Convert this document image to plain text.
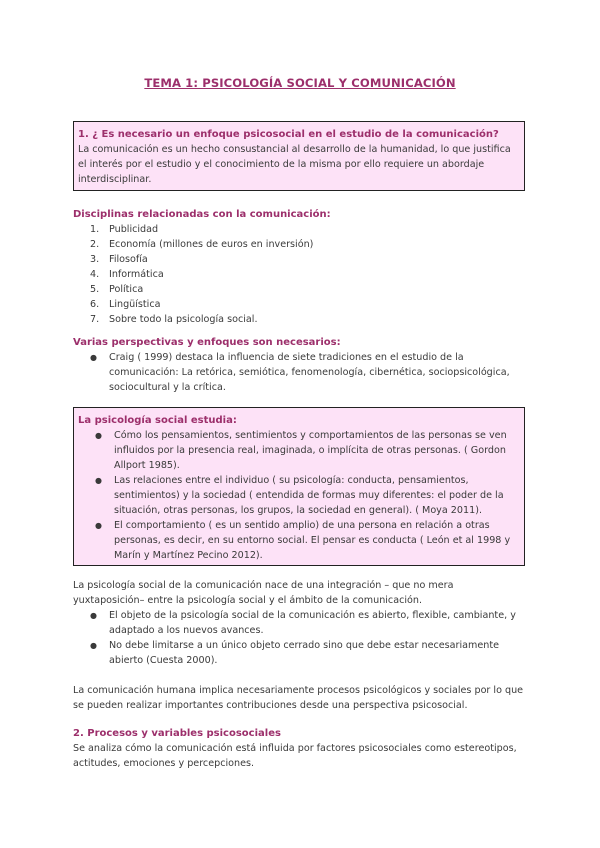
TEMA 1: PSICOLOGÍA SOCIAL Y COMUNICACIÓN

1. ¿ Es necesario un enfoque psicosocial en el estudio de la comunicación?

La comunicación es un hecho consustancial al desarrollo de la humanidad, lo que justifica el interés por el estudio y el conocimiento de la misma por ello requiere un abordaje interdisciplinar.

Disciplinas relacionadas con la comunicación:

1. Publicidad
2. Economía (millones de euros en inversión)
3. Filosofía
4. Informática
5. Política
6. Lingüística
7. Sobre todo la psicología social.

Varias perspectivas y enfoques son necesarios:

● Craig ( 1999) destaca la influencia de siete tradiciones en el estudio de la comunicación: La retórica, semiótica, fenomenología, cibernética, sociopsicológica, sociocultural y la crítica.

La psicología social estudia:

● Cómo los pensamientos, sentimientos y comportamientos de las personas se ven influidos por la presencia real, imaginada, o implícita de otras personas. ( Gordon Allport 1985).
● Las relaciones entre el individuo ( su psicología: conducta, pensamientos, sentimientos) y la sociedad ( entendida de formas muy diferentes: el poder de la situación, otras personas, los grupos, la sociedad en general). ( Moya 2011).
● El comportamiento ( es un sentido amplio) de una persona en relación a otras personas, es decir, en su entorno social. El pensar es conducta ( León et al 1998 y Marín y Martínez Pecino 2012).

La psicología social de la comunicación nace de una integración – que no mera yuxtaposición– entre la psicología social y el ámbito de la comunicación.

● El objeto de la psicología social de la comunicación es abierto, flexible, cambiante, y adaptado a los nuevos avances.
● No debe limitarse a un único objeto cerrado sino que debe estar necesariamente abierto (Cuesta 2000).

La comunicación humana implica necesariamente procesos psicológicos y sociales por lo que se pueden realizar importantes contribuciones desde una perspectiva psicosocial.

2. Procesos y variables psicosociales

Se analiza cómo la comunicación está influida por factores psicosociales como estereotipos, actitudes, emociones y percepciones.
